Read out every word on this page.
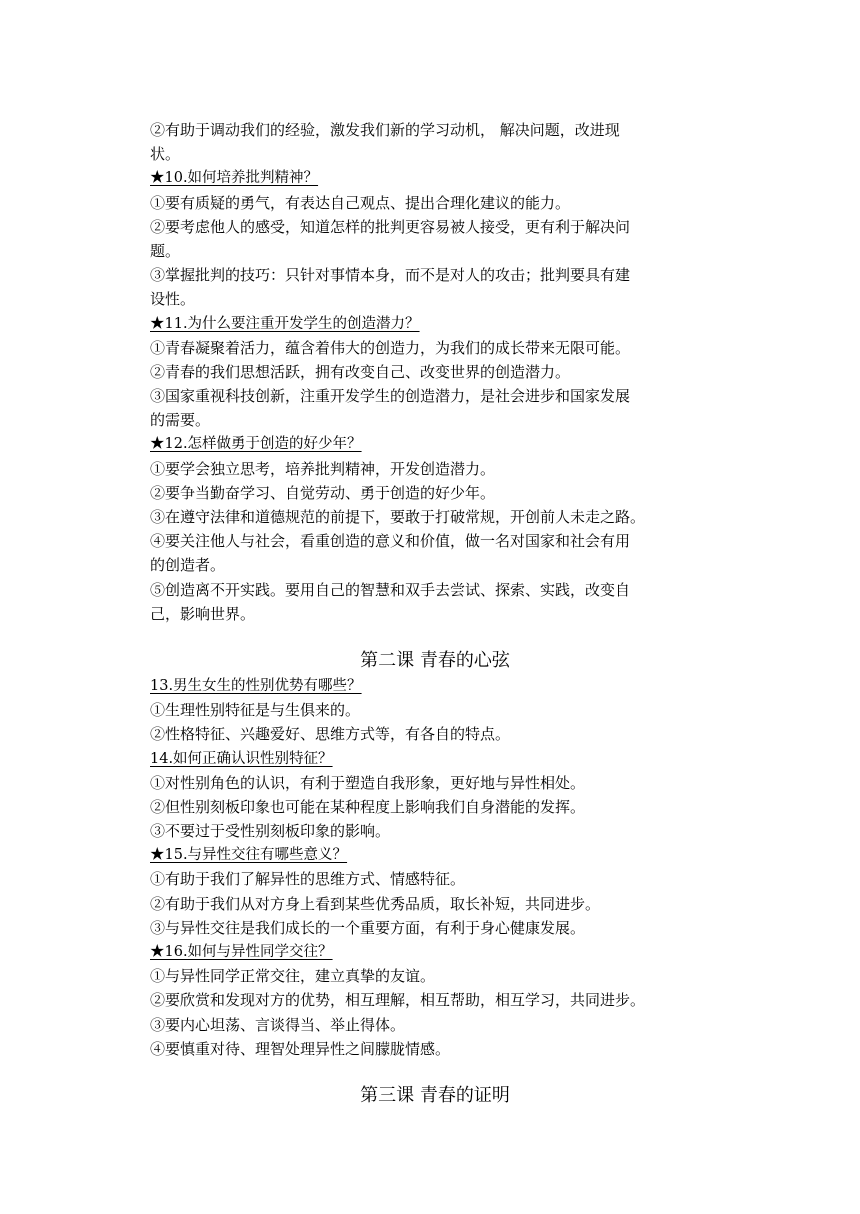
②有助于调动我们的经验，激发我们新的学习动机， 解决问题，改进现
状。
★10.如何培养批判精神？
①要有质疑的勇气，有表达自己观点、提出合理化建议的能力。
②要考虑他人的感受，知道怎样的批判更容易被人接受，更有利于解决问
题。
③掌握批判的技巧：只针对事情本身，而不是对人的攻击；批判要具有建
设性。
★11.为什么要注重开发学生的创造潜力？
①青春凝聚着活力，蕴含着伟大的创造力，为我们的成长带来无限可能。
②青春的我们思想活跃，拥有改变自己、改变世界的创造潜力。
③国家重视科技创新，注重开发学生的创造潜力，是社会进步和国家发展
的需要。
★12.怎样做勇于创造的好少年？
①要学会独立思考，培养批判精神，开发创造潜力。
②要争当勤奋学习、自觉劳动、勇于创造的好少年。
③在遵守法律和道德规范的前提下，要敢于打破常规，开创前人未走之路。
④要关注他人与社会，看重创造的意义和价值，做一名对国家和社会有用
的创造者。
⑤创造离不开实践。要用自己的智慧和双手去尝试、探索、实践，改变自
己，影响世界。
第二课 青春的心弦
13.男生女生的性别优势有哪些？
①生理性别特征是与生俱来的。
②性格特征、兴趣爱好、思维方式等，有各自的特点。
14.如何正确认识性别特征？
①对性别角色的认识，有利于塑造自我形象，更好地与异性相处。
②但性别刻板印象也可能在某种程度上影响我们自身潜能的发挥。
③不要过于受性别刻板印象的影响。
★15.与异性交往有哪些意义？
①有助于我们了解异性的思维方式、情感特征。
②有助于我们从对方身上看到某些优秀品质，取长补短，共同进步。
③与异性交往是我们成长的一个重要方面，有利于身心健康发展。
★16.如何与异性同学交往？
①与异性同学正常交往，建立真挚的友谊。
②要欣赏和发现对方的优势，相互理解，相互帮助，相互学习，共同进步。
③要内心坦荡、言谈得当、举止得体。
④要慎重对待、理智处理异性之间朦胧情感。
第三课 青春的证明
